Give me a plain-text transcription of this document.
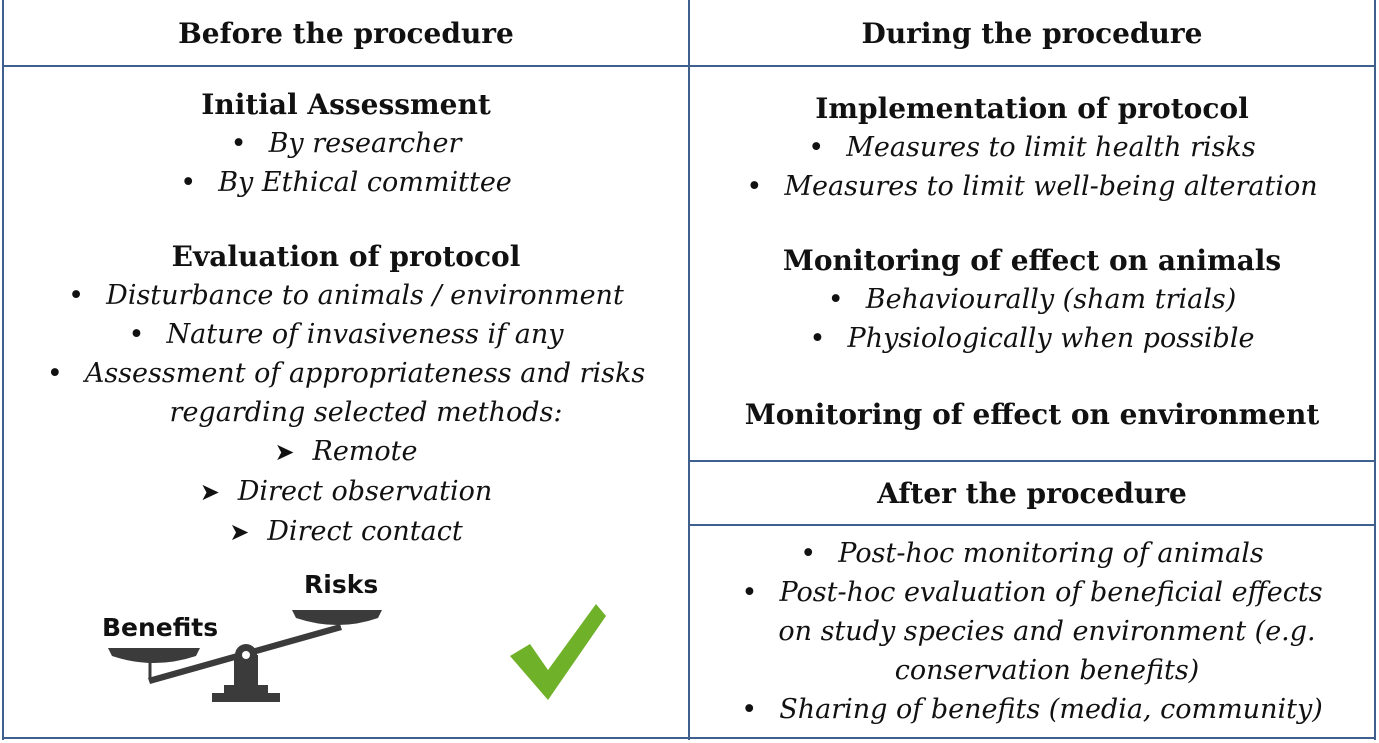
Before the procedure	During the procedure
After the procedure
Initial Assessment
• By researcher
• By Ethical committee
Evaluation of protocol
• Disturbance to animals / environment
• Nature of invasiveness if any
• Assessment of appropriateness and risks
regarding selected methods:
➤ Remote
➤ Direct observation
➤ Direct contact
Risks
Benefits
Implementation of protocol
• Measures to limit health risks
• Measures to limit well-being alteration
Monitoring of effect on animals
• Behaviourally (sham trials)
• Physiologically when possible
Monitoring of effect on environment
• Post-hoc monitoring of animals
• Post-hoc evaluation of beneficial effects
on study species and environment (e.g.
conservation benefits)
• Sharing of benefits (media, community)
